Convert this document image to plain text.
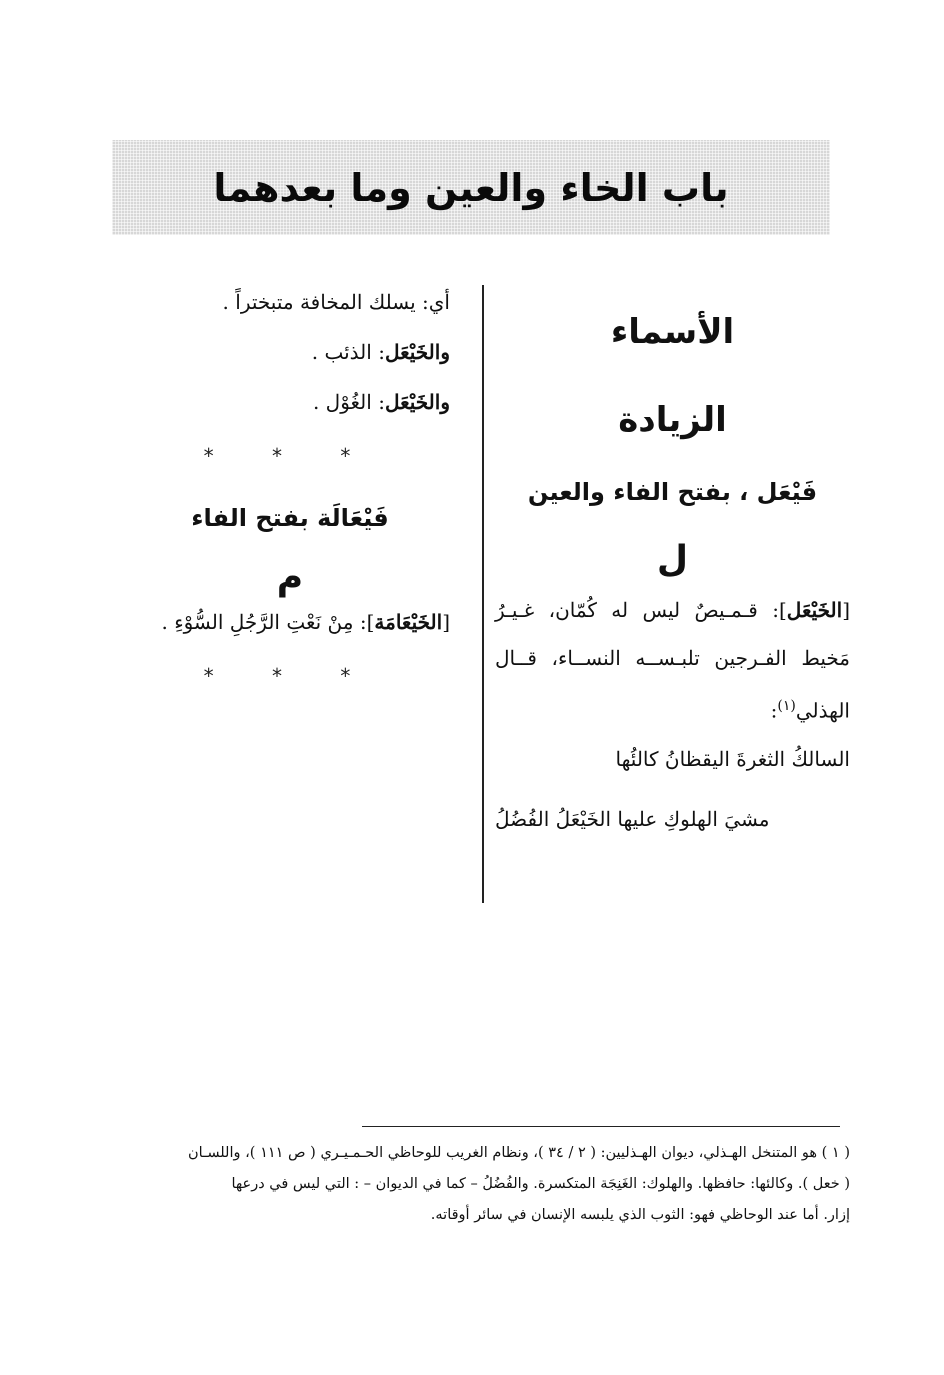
باب الخاء والعين وما بعدهما
الأسماء
الزيادة
فَيْعَل ، بفتح الفاء والعين
ل

[الخَيْعَل]: قـمـيصٌ ليس له كُمّان، غـيـرُ مَخيط الفـرجين تلبـســه النســاء، قــال الهذلي$^{(١)}$:

السالكُ الثغرةَ اليقظانُ كالئُها

مشيَ الهلوكِ عليها الخَيْعَلُ الفُضُلُ

أي: يسلك المخافة متبختراً .

والخَيْعَل: الذئب .

والخَيْعَل: الغُوْل .

* * *

فَيْعَالَة بفتح الفاء
م

[الخَيْعَامَة]: مِنْ نَعْتِ الرَّجُلِ السُّوْءِ .

* * *

( ١ ) هو المتنخل الهـذلي، ديوان الهـذليين: ( ٢ / ٣٤ )، ونظام الغريب للوحاظي الحـمـيـري ( ص ١١١ )، واللسـان

( خعل ). وكالئها: حافظها. والهلوك: الغَنِجَة المتكسرة. والفُضُلُ – كما في الديوان – : التي ليس في درعها

إزار. أما عند الوحاظي فهو: الثوب الذي يلبسه الإنسان في سائر أوقاته.
